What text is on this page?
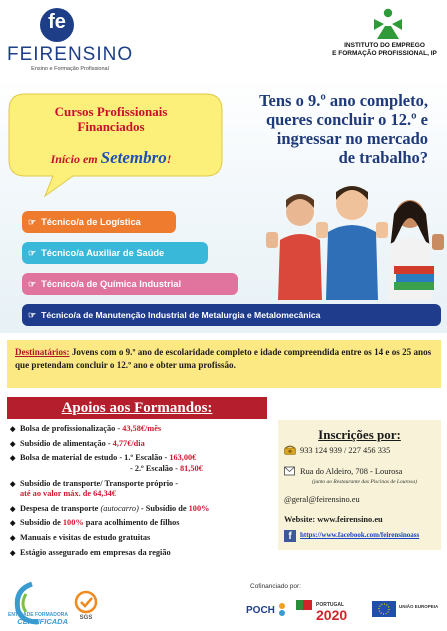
fe
FEIRENSINO
Ensino e Formação Profissional
INSTITUTO DO EMPREGO
E FORMAÇÃO PROFISSIONAL, IP
Cursos Profissionais
Financiados
Início em Setembro!
Tens o 9.º ano completo,
queres concluir o 12.º e
ingressar no mercado
de trabalho?
☞ Técnico/a de Logística
☞ Técnico/a Auxiliar de Saúde
☞ Técnico/a de Química Industrial
☞ Técnico/a de Manutenção Industrial de Metalurgia e Metalomecânica
Destinatários: Jovens com o 9.º ano de escolaridade completo e idade compreendida entre os 14 e os 25 anos que pretendam concluir o 12.º ano e obter uma profissão.
Apoios aos Formandos:
◆ Bolsa de profissionalização - 43,58€/mês
◆ Subsídio de alimentação - 4,77€/dia
◆ Bolsa de material de estudo - 1.º Escalão - 163,00€
- 2.º Escalão - 81,50€
◆ Subsídio de transporte/ Transporte próprio -
até ao valor máx. de 64,34€
◆ Despesa de transporte (autocarro) - Subsídio de 100%
◆ Subsídio de 100% para acolhimento de filhos
◆ Manuais e visitas de estudo gratuitas
◆ Estágio assegurado em empresas da região
Inscrições por:
933 124 939 / 227 456 335
Rua do Aldeiro, 708 - Lourosa
(junto ao Restaurante das Piscinas de Lourosa)
@geral@feirensino.eu
Website: www.feirensino.eu
f	https://www.facebook.com/feirensinoass
ENTIDADE FORMADORA
CERTIFICADA SGS
Cofinanciado por:
POCH	PORTUGAL
2020
UNIÃO EUROPEIA
